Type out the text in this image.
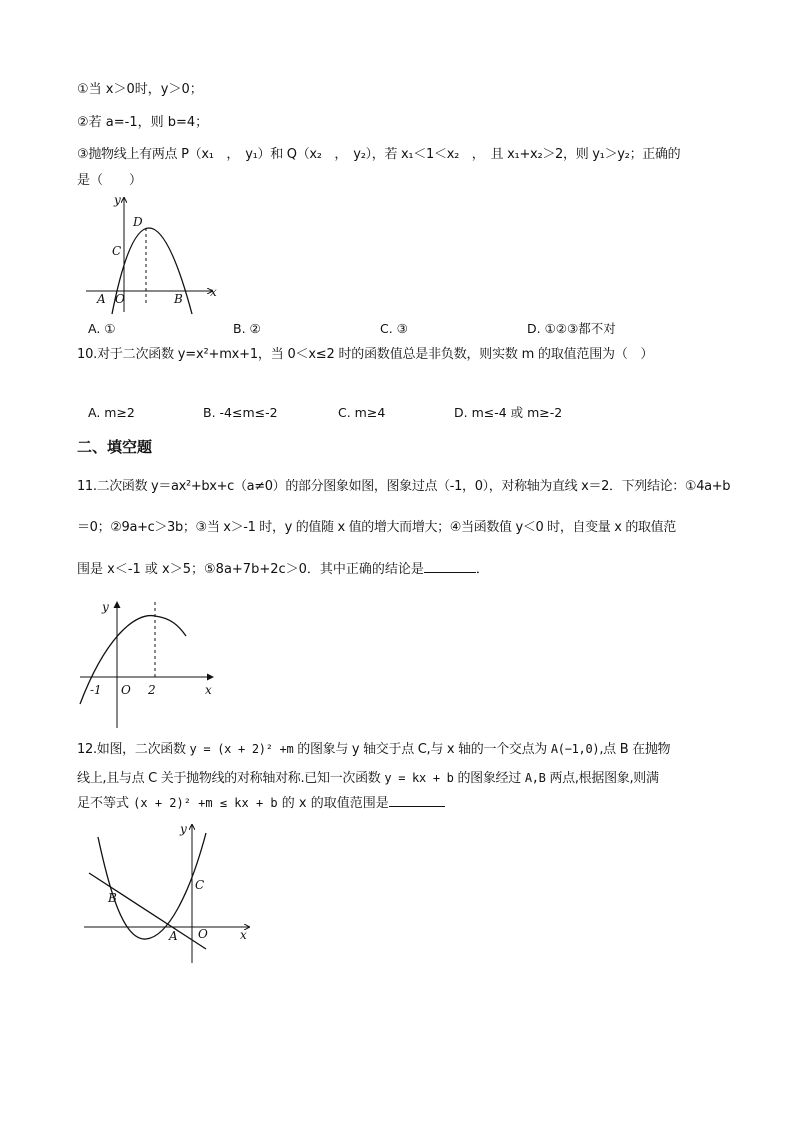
①当 x＞0时，y＞0；
②若 a=-1，则 b=4；
③抛物线上有两点 P（x₁　，　y₁）和 Q（x₂　，　y₂），若 x₁＜1＜x₂　，　且 x₁+x₂＞2，则 y₁＞y₂；正确的
是（　　）
y
x
D
C
A O	B
A. ①	B. ②	C. ③	D. ①②③都不对
10.对于二次函数 y=x²+mx+1，当 0＜x≤2 时的函数值总是非负数，则实数 m 的取值范围为（　）
A. m≥2	B. -4≤m≤-2	C. m≥4	D. m≤-4 或 m≥-2
二、填空题
11.二次函数 y＝ax²+bx+c（a≠0）的部分图象如图，图象过点（-1，0），对称轴为直线 x＝2．下列结论：①4a+b
＝0；②9a+c＞3b；③当 x＞-1 时，y 的值随 x 值的增大而增大；④当函数值 y＜0 时，自变量 x 的取值范
围是 x＜-1 或 x＞5；⑤8a+7b+2c＞0．其中正确的结论是	．
y
x
-1 O 2
12.如图，二次函数 y = (x + 2)² +m 的图象与 y 轴交于点 C,与 x 轴的一个交点为 A(−1,0),点 B 在抛物
线上,且与点 C 关于抛物线的对称轴对称.已知一次函数 y = kx + b 的图象经过 A,B 两点,根据图象,则满
足不等式 (x + 2)² +m ≤ kx + b 的 x 的取值范围是
y
x
B
C
A O
